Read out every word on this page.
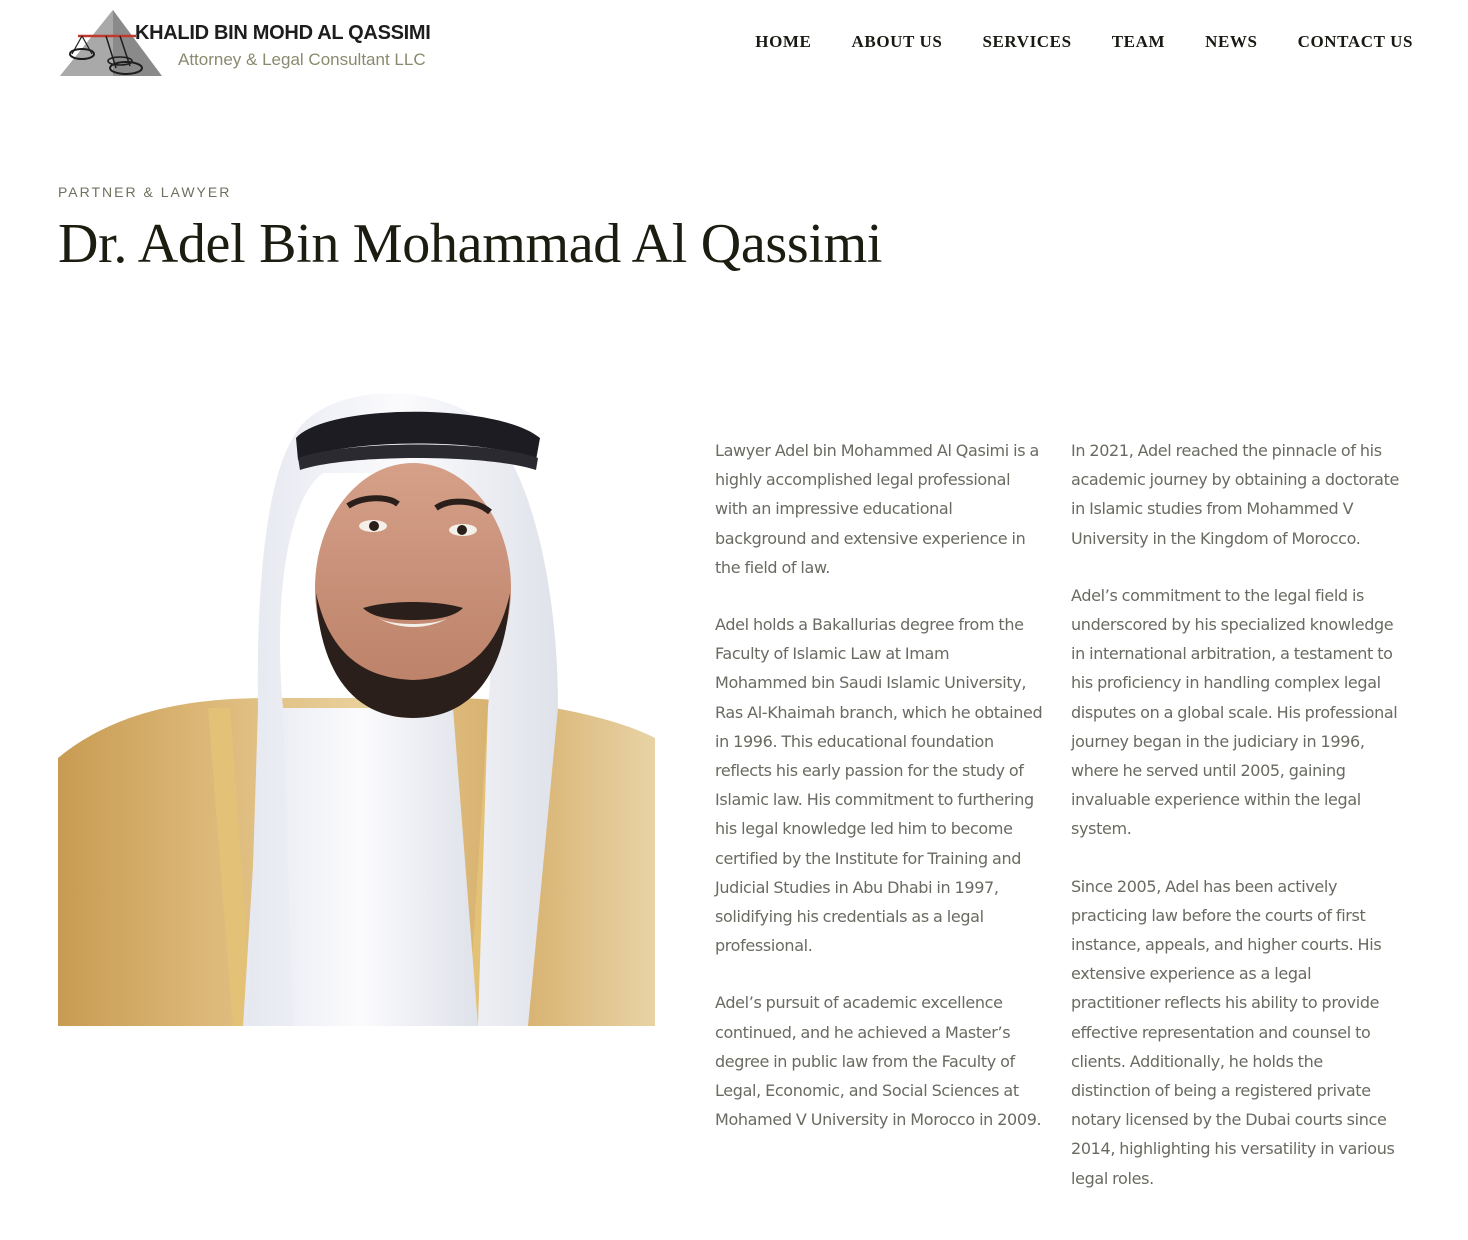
KHALID BIN MOHD AL QASSIMI
Attorney & Legal Consultant LLC
HOME ABOUT US SERVICES TEAM NEWS CONTACT US
PARTNER & LAWYER
Dr. Adel Bin Mohammad Al Qassimi

Lawyer Adel bin Mohammed Al Qasimi is a highly accomplished legal professional with an impressive educational background and extensive experience in the field of law.

Adel holds a Bakallurias degree from the Faculty of Islamic Law at Imam Mohammed bin Saudi Islamic University, Ras Al-Khaimah branch, which he obtained in 1996. This educational foundation reflects his early passion for the study of Islamic law. His commitment to furthering his legal knowledge led him to become certified by the Institute for Training and Judicial Studies in Abu Dhabi in 1997, solidifying his credentials as a legal professional.

Adel’s pursuit of academic excellence continued, and he achieved a Master’s degree in public law from the Faculty of Legal, Economic, and Social Sciences at Mohamed V University in Morocco in 2009.

In 2021, Adel reached the pinnacle of his academic journey by obtaining a doctorate in Islamic studies from Mohammed V University in the Kingdom of Morocco.

Adel’s commitment to the legal field is underscored by his specialized knowledge in international arbitration, a testament to his proficiency in handling complex legal disputes on a global scale. His professional journey began in the judiciary in 1996, where he served until 2005, gaining invaluable experience within the legal system.

Since 2005, Adel has been actively practicing law before the courts of first instance, appeals, and higher courts. His extensive experience as a legal practitioner reflects his ability to provide effective representation and counsel to clients. Additionally, he holds the distinction of being a registered private notary licensed by the Dubai courts since 2014, highlighting his versatility in various legal roles.
